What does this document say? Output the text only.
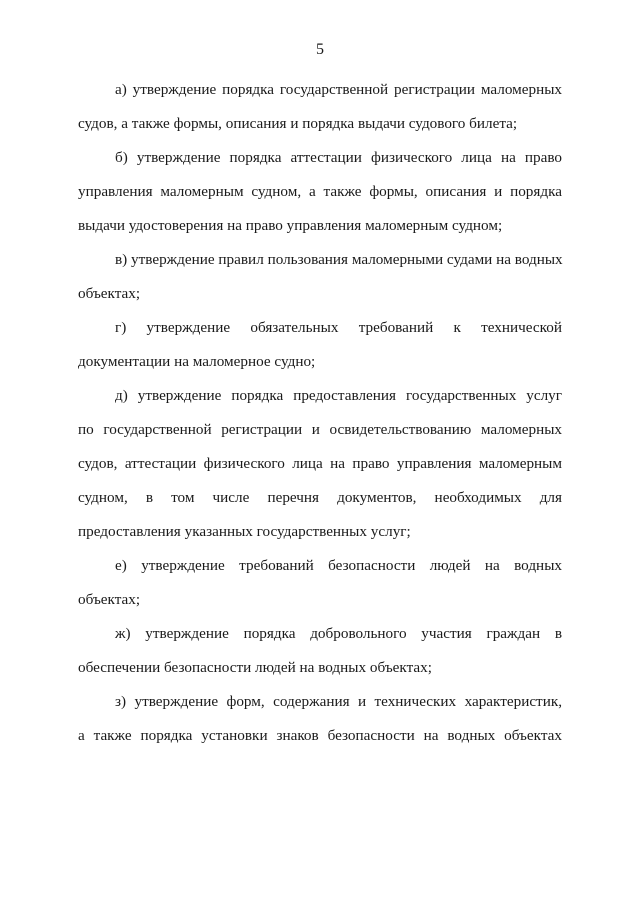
5

а) утверждение порядка государственной регистрации маломерных
судов, а также формы, описания и порядка выдачи судового билета;

б) утверждение порядка аттестации физического лица на право
управления маломерным судном, а также формы, описания и порядка
выдачи удостоверения на право управления маломерным судном;

в) утверждение правил пользования маломерными судами на водных
объектах;

г) утверждение обязательных требований к технической
документации на маломерное судно;

д) утверждение порядка предоставления государственных услуг
по государственной регистрации и освидетельствованию маломерных
судов, аттестации физического лица на право управления маломерным
судном, в том числе перечня документов, необходимых для
предоставления указанных государственных услуг;

е) утверждение требований безопасности людей на водных
объектах;

ж) утверждение порядка добровольного участия граждан в
обеспечении безопасности людей на водных объектах;

з) утверждение форм, содержания и технических характеристик,
а также порядка установки знаков безопасности на водных объектах
